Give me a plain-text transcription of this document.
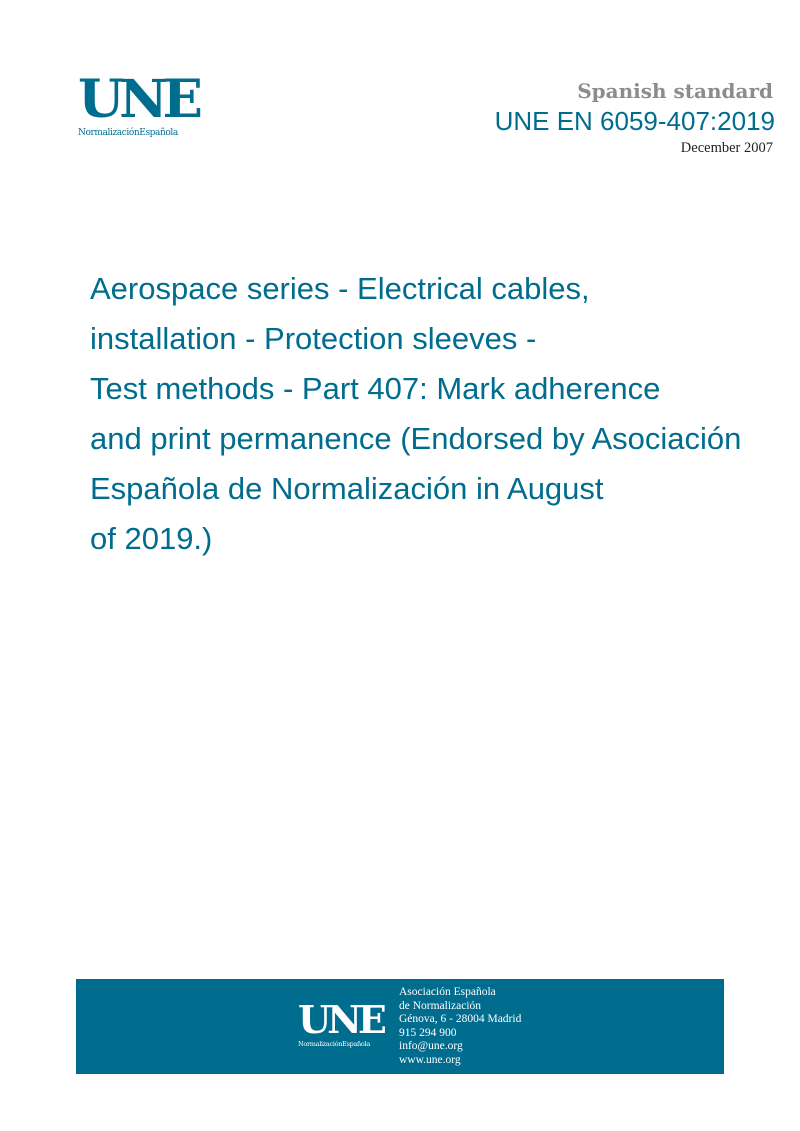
UNE
NormalizaciónEspañola
Spanish standard
UNE EN 6059-407:2019
December 2007
Aerospace series - Electrical cables,
installation - Protection sleeves -
Test methods - Part 407: Mark adherence
and print permanence (Endorsed by Asociación
Española de Normalización in August
of 2019.)
UNE
NormalizaciónEspañola
Asociación Española
de Normalización
Génova, 6 - 28004 Madrid
915 294 900
info@une.org
www.une.org
